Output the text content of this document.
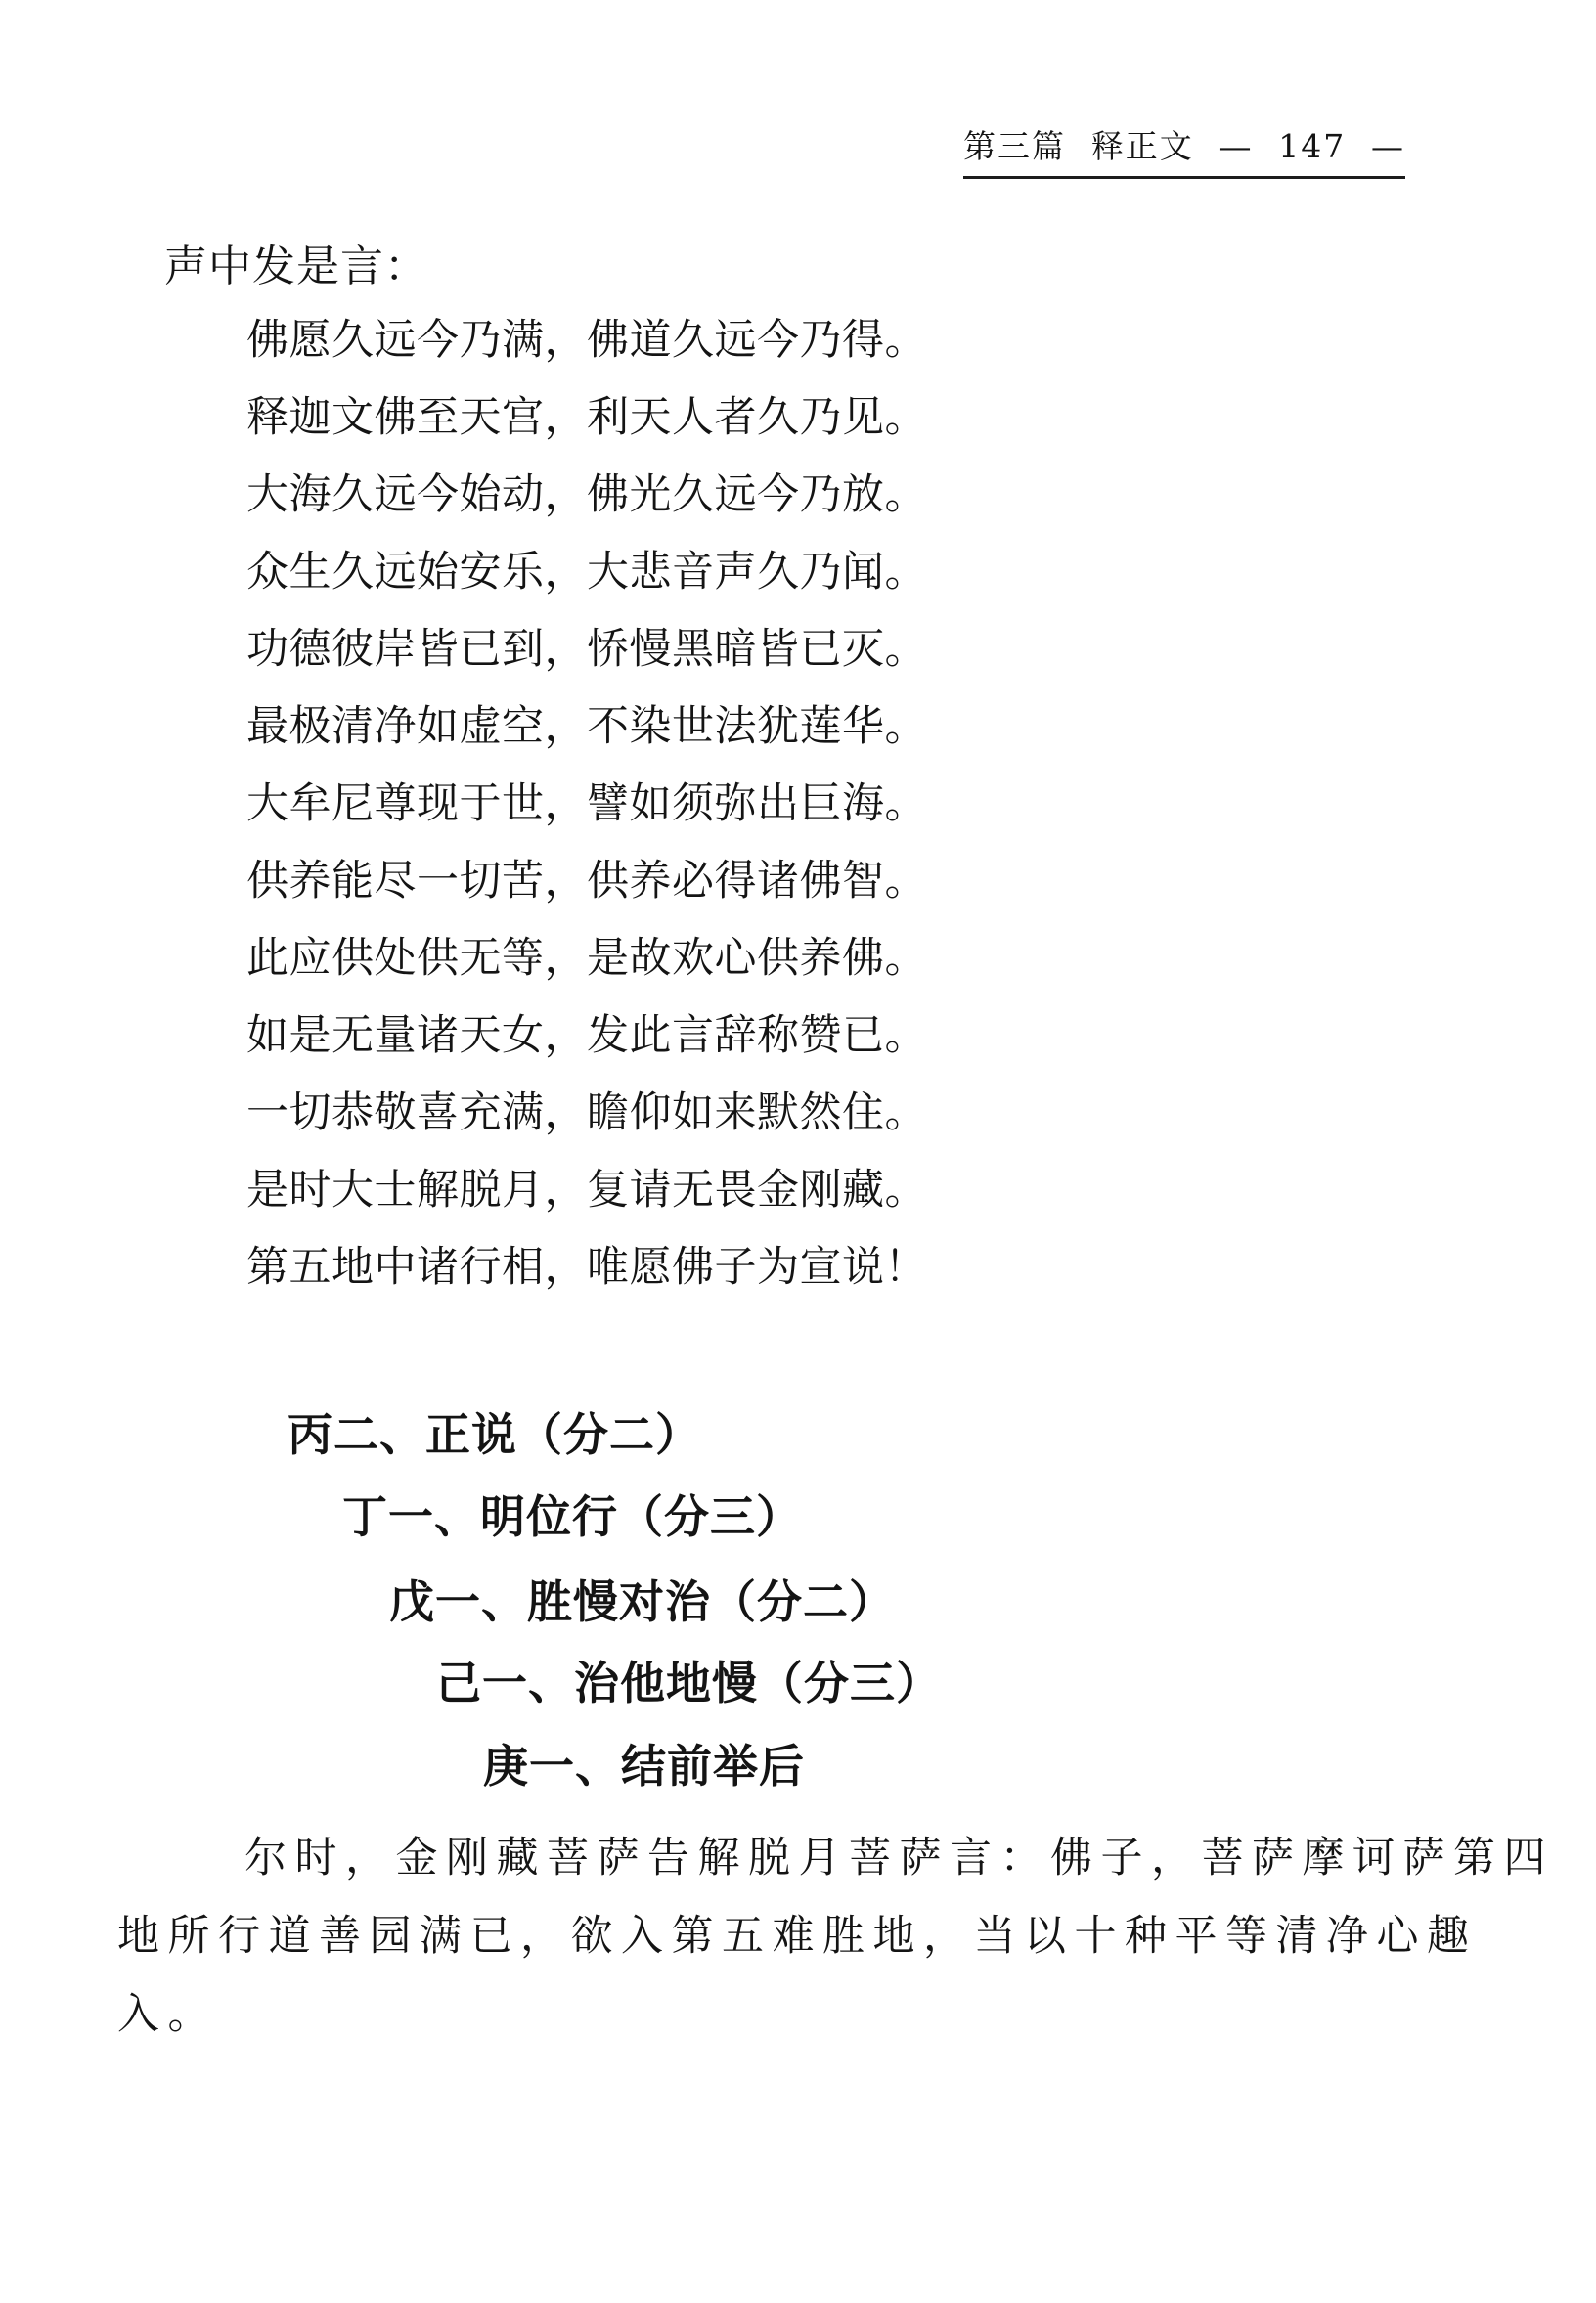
第三篇 释正文 — 147 —
声中发是言：
佛愿久远今乃满，佛道久远今乃得。
释迦文佛至天宫，利天人者久乃见。
大海久远今始动，佛光久远今乃放。
众生久远始安乐，大悲音声久乃闻。
功德彼岸皆已到，㤭慢黑暗皆已灭。
最极清净如虚空，不染世法犹莲华。
大牟尼尊现于世，譬如须弥出巨海。
供养能尽一切苦，供养必得诸佛智。
此应供处供无等，是故欢心供养佛。
如是无量诸天女，发此言辞称赞已。
一切恭敬喜充满，瞻仰如来默然住。
是时大士解脱月，复请无畏金刚藏。
第五地中诸行相，唯愿佛子为宣说！
丙二、正说（分二）
丁一、明位行（分三）
戊一、胜慢对治（分二）
己一、治他地慢（分三）
庚一、结前举后
尔时，金刚藏菩萨告解脱月菩萨言：佛子，菩萨摩诃萨第四
地所行道善园满已，欲入第五难胜地，当以十种平等清净心趣
入。
